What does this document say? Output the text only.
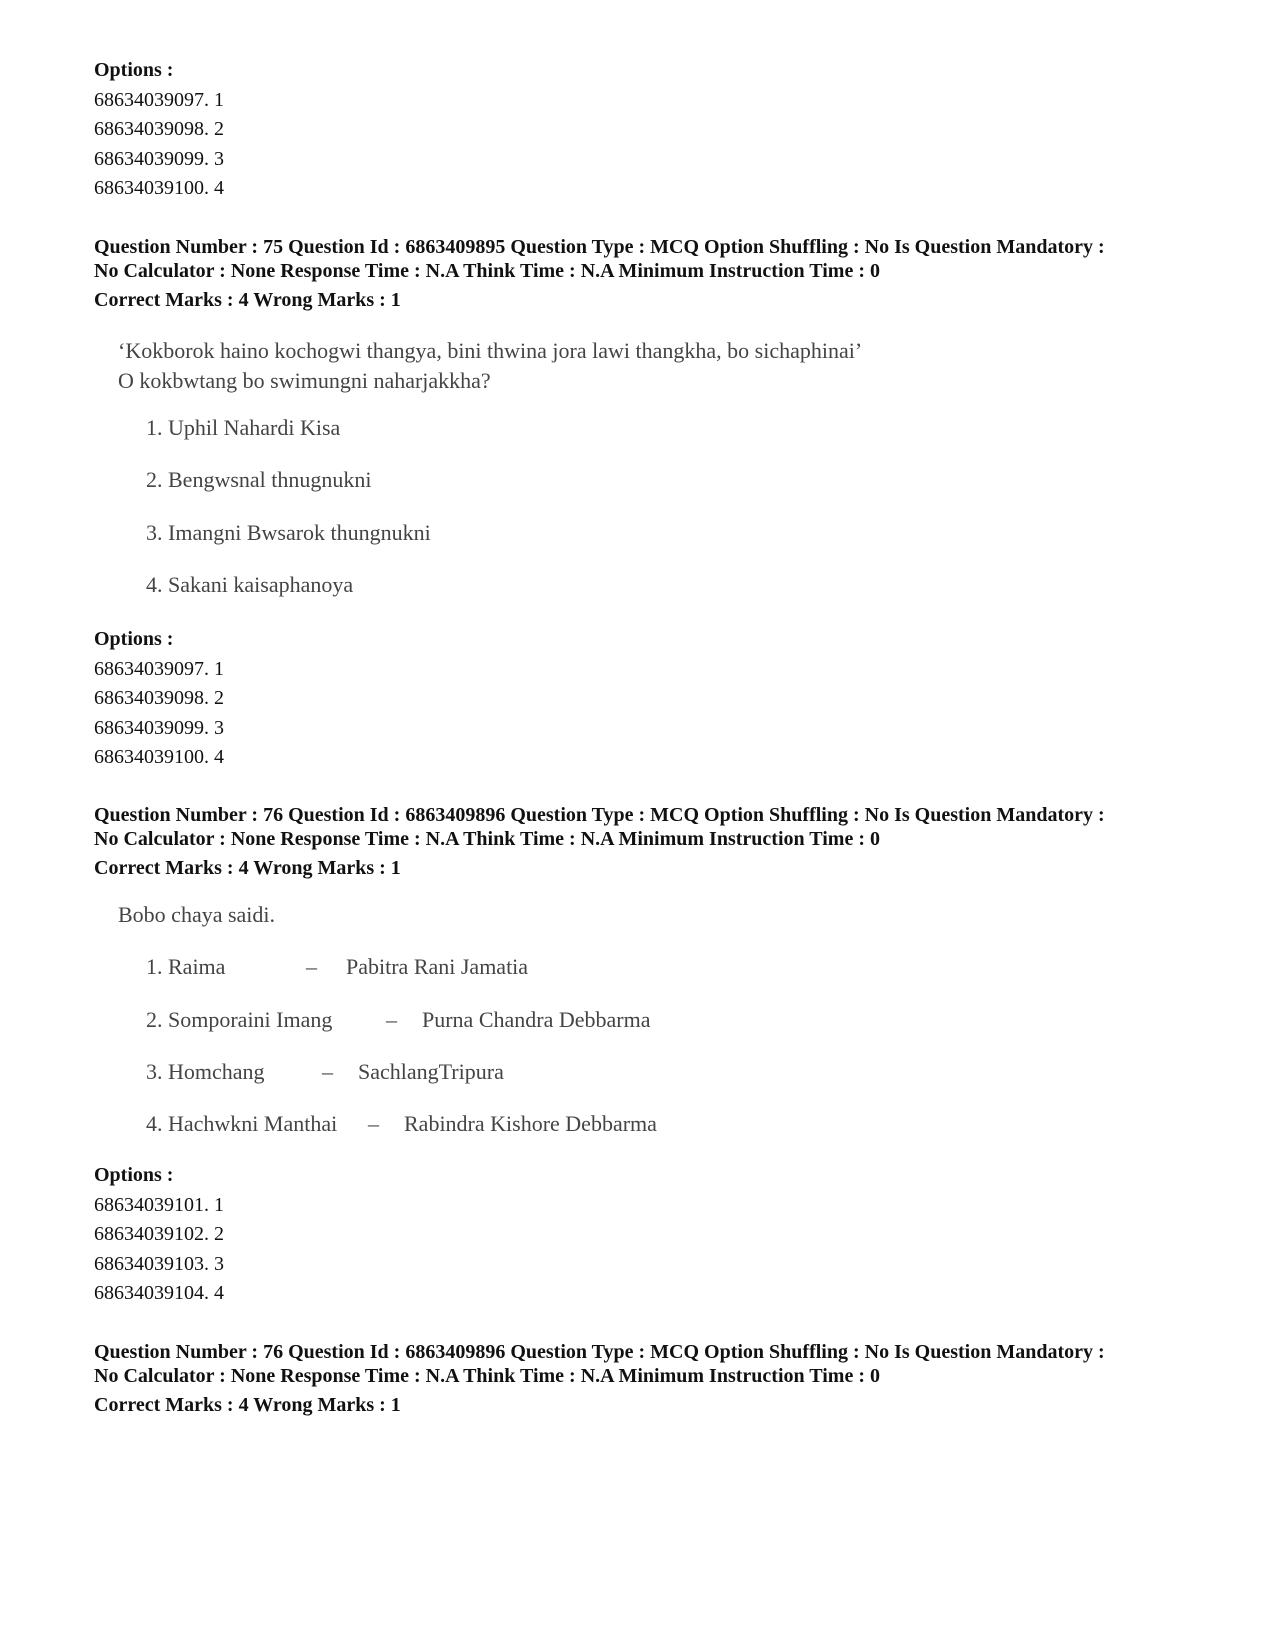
Options :
68634039097. 1
68634039098. 2
68634039099. 3
68634039100. 4
Question Number : 75 Question Id : 6863409895 Question Type : MCQ Option Shuffling : No Is Question Mandatory :
No Calculator : None Response Time : N.A Think Time : N.A Minimum Instruction Time : 0
Correct Marks : 4 Wrong Marks : 1
‘Kokborok haino kochogwi thangya, bini thwina jora lawi thangkha, bo sichaphinai’
O kokbwtang bo swimungni naharjakkha?
1. Uphil Nahardi Kisa
2. Bengwsnal thnugnukni
3. Imangni Bwsarok thungnukni
4. Sakani kaisaphanoya
Options :
68634039097. 1
68634039098. 2
68634039099. 3
68634039100. 4
Question Number : 76 Question Id : 6863409896 Question Type : MCQ Option Shuffling : No Is Question Mandatory :
No Calculator : None Response Time : N.A Think Time : N.A Minimum Instruction Time : 0
Correct Marks : 4 Wrong Marks : 1
Bobo chaya saidi.
1. Raima	– Pabitra Rani Jamatia
2. Somporaini Imang – Purna Chandra Debbarma
3. Homchang	– SachlangTripura
4. Hachwkni Manthai – Rabindra Kishore Debbarma
Options :
68634039101. 1
68634039102. 2
68634039103. 3
68634039104. 4
Question Number : 76 Question Id : 6863409896 Question Type : MCQ Option Shuffling : No Is Question Mandatory :
No Calculator : None Response Time : N.A Think Time : N.A Minimum Instruction Time : 0
Correct Marks : 4 Wrong Marks : 1
